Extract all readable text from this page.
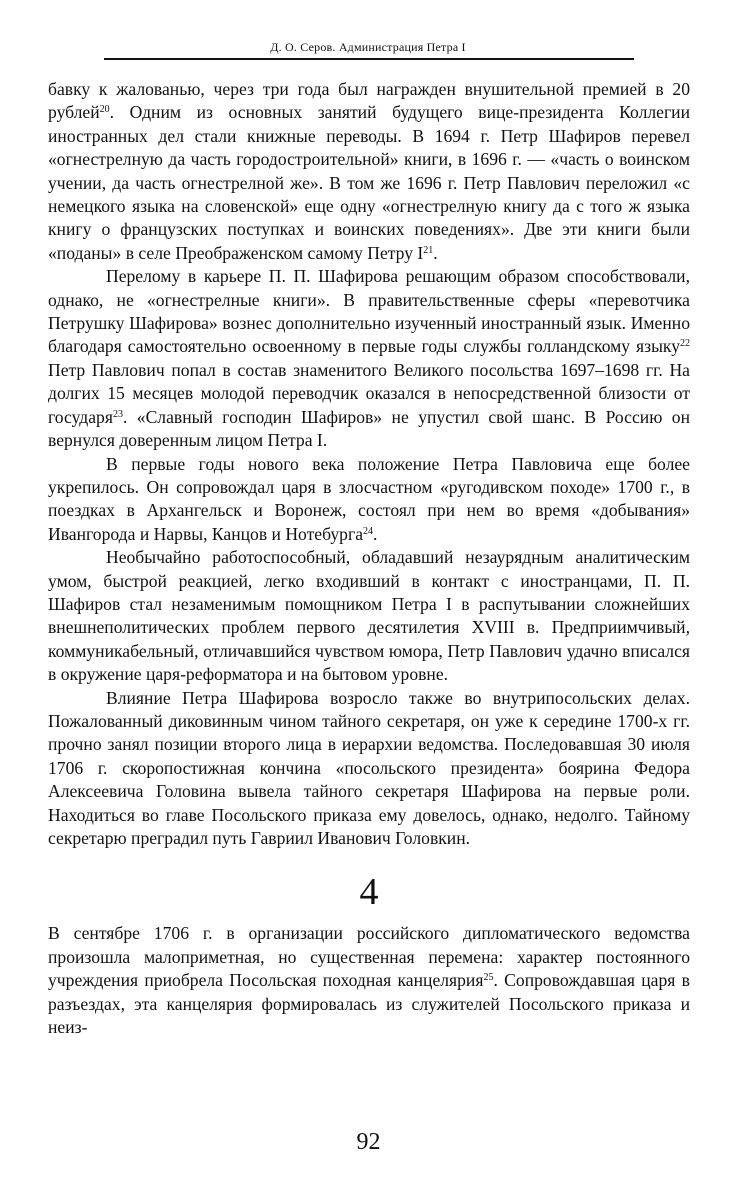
Д. О. Серов. Администрация Петра I

бавку к жалованью, через три года был награжден внушительной премией в 20 рублей$^{20}$. Одним из основных занятий будущего вице-президента Коллегии иностранных дел стали книжные переводы. В 1694 г. Петр Шафиров перевел «огнестрелную да часть городостроительной» книги, в 1696 г. — «часть о воинском учении, да часть огнестрелной же». В том же 1696 г. Петр Павлович переложил «с немецкого языка на словенской» еще одну «огнестрелную книгу да с того ж языка книгу о французских поступках и воинских поведениях». Две эти книги были «поданы» в селе Преображенском самому Петру I$^{21}$.

Перелому в карьере П. П. Шафирова решающим образом способствовали, однако, не «огнестрелные книги». В правительственные сферы «перевотчика Петрушку Шафирова» вознес дополнительно изученный иностранный язык. Именно благодаря самостоятельно освоенному в первые годы службы голландскому языку$^{22}$ Петр Павлович попал в состав знаменитого Великого посольства 1697–1698 гг. На долгих 15 месяцев молодой переводчик оказался в непосредственной близости от государя$^{23}$. «Славный господин Шафиров» не упустил свой шанс. В Россию он вернулся доверенным лицом Петра I.

В первые годы нового века положение Петра Павловича еще более укрепилось. Он сопровождал царя в злосчастном «ругодивском походе» 1700 г., в поездках в Архангельск и Воронеж, состоял при нем во время «добывания» Ивангорода и Нарвы, Канцов и Нотебурга$^{24}$.

Необычайно работоспособный, обладавший незаурядным аналитическим умом, быстрой реакцией, легко входивший в контакт с иностранцами, П. П. Шафиров стал незаменимым помощником Петра I в распутывании сложнейших внешнеполитических проблем первого десятилетия XVIII в. Предприимчивый, коммуникабельный, отличавшийся чувством юмора, Петр Павлович удачно вписался в окружение царя-реформатора и на бытовом уровне.

Влияние Петра Шафирова возросло также во внутрипосольских делах. Пожалованный диковинным чином тайного секретаря, он уже к середине 1700-х гг. прочно занял позиции второго лица в иерархии ведомства. Последовавшая 30 июля 1706 г. скоропостижная кончина «посольского президента» боярина Федора Алексеевича Головина вывела тайного секретаря Шафирова на первые роли. Находиться во главе Посольского приказа ему довелось, однако, недолго. Тайному секретарю преградил путь Гавриил Иванович Головкин.

4

В сентябре 1706 г. в организации российского дипломатического ведомства произошла малоприметная, но существенная перемена: характер постоянного учреждения приобрела Посольская походная канцелярия$^{25}$. Сопровождавшая царя в разъездах, эта канцелярия формировалась из служителей Посольского приказа и неиз-

92
